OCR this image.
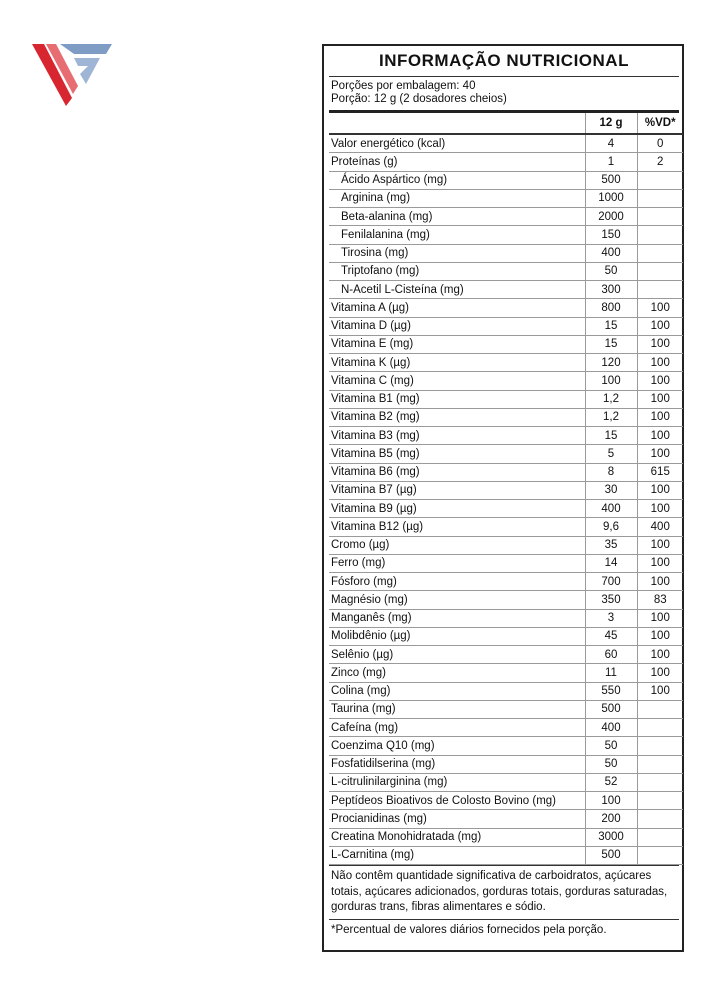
INFORMAÇÃO NUTRICIONAL
Porções por embalagem: 40
Porção: 12 g (2 dosadores cheios)
	12 g	%VD*
Valor energético (kcal)	4	0
Proteínas (g)	1	2
Ácido Aspártico (mg)	500	
Arginina (mg)	1000	
Beta-alanina (mg)	2000	
Fenilalanina (mg)	150	
Tirosina (mg)	400	
Triptofano (mg)	50	
N-Acetil L-Cisteína (mg)	300	
Vitamina A (µg)	800	100
Vitamina D (µg)	15	100
Vitamina E (mg)	15	100
Vitamina K (µg)	120	100
Vitamina C (mg)	100	100
Vitamina B1 (mg)	1,2	100
Vitamina B2 (mg)	1,2	100
Vitamina B3 (mg)	15	100
Vitamina B5 (mg)	5	100
Vitamina B6 (mg)	8	615
Vitamina B7 (µg)	30	100
Vitamina B9 (µg)	400	100
Vitamina B12 (µg)	9,6	400
Cromo (µg)	35	100
Ferro (mg)	14	100
Fósforo (mg)	700	100
Magnésio (mg)	350	83
Manganês (mg)	3	100
Molibdênio (µg)	45	100
Selênio (µg)	60	100
Zinco (mg)	11	100
Colina (mg)	550	100
Taurina (mg)	500	
Cafeína (mg)	400	
Coenzima Q10 (mg)	50	
Fosfatidilserina (mg)	50	
L-citrulinilarginina (mg)	52	
Peptídeos Bioativos de Colosto Bovino (mg)	100	
Procianidinas (mg)	200	
Creatina Monohidratada (mg)	3000	
L-Carnitina (mg)	500	
Não contêm quantidade significativa de carboidratos, açúcares totais, açúcares adicionados, gorduras totais, gorduras saturadas, gorduras trans, fibras alimentares e sódio.
*Percentual de valores diários fornecidos pela porção.
